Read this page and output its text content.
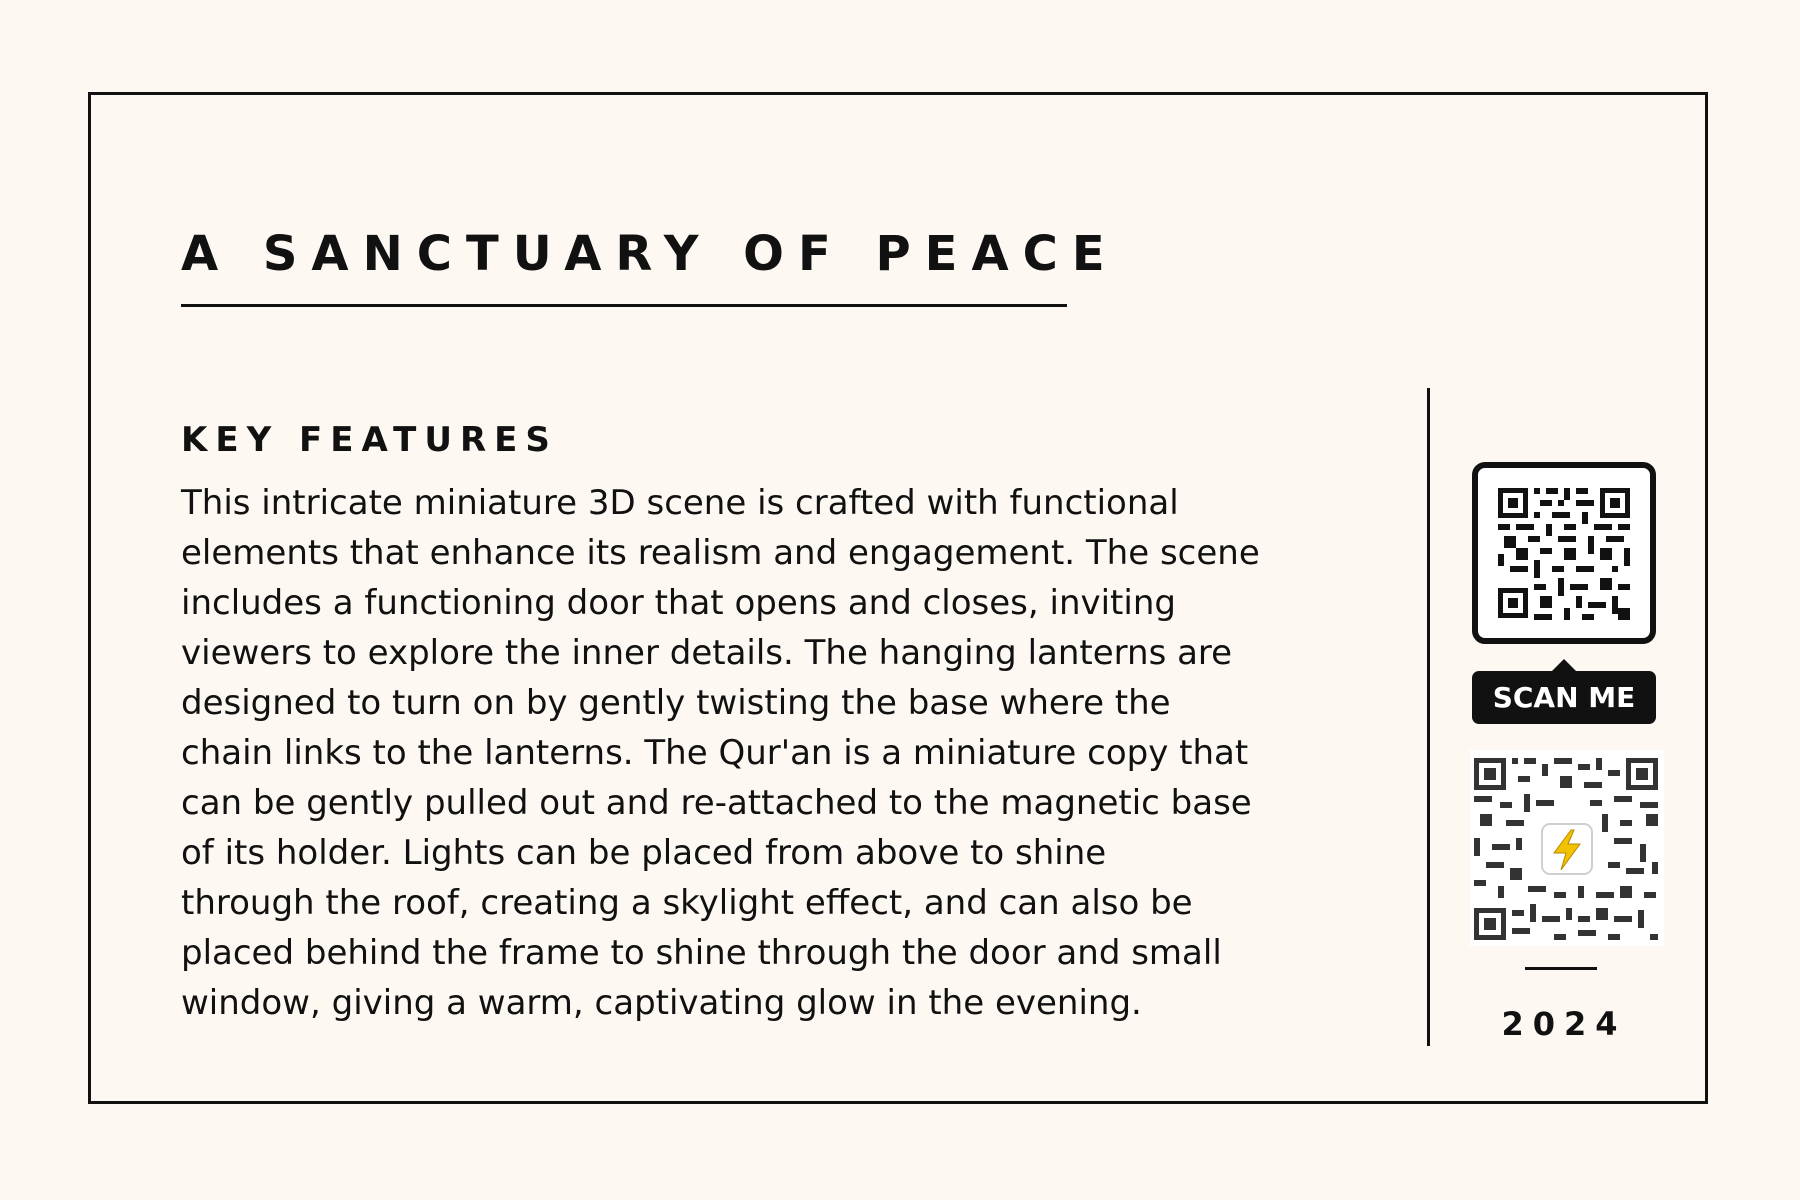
A SANCTUARY OF PEACE
KEY FEATURES

This intricate miniature 3D scene is crafted with functional
elements that enhance its realism and engagement. The scene
includes a functioning door that opens and closes, inviting
viewers to explore the inner details. The hanging lanterns are
designed to turn on by gently twisting the base where the
chain links to the lanterns. The Qur'an is a miniature copy that
can be gently pulled out and re-attached to the magnetic base
of its holder. Lights can be placed from above to shine
through the roof, creating a skylight effect, and can also be
placed behind the frame to shine through the door and small
window, giving a warm, captivating glow in the evening.

SCAN ME
2024
